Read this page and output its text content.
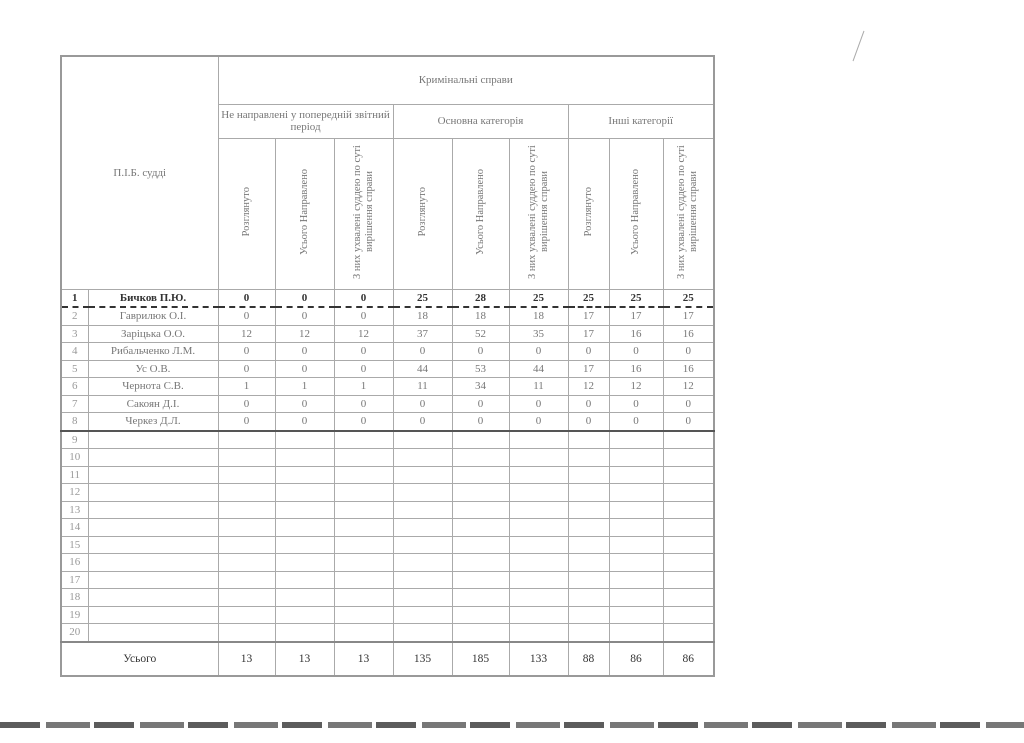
П.І.Б. судді		Кримінальні справи								
		Не направлені у попередній звітний період			Основна категорія			Інші категорії		
		Розглянуто	Усього Направлено	З них ухвалені суддею по суті вирішення справи	Розглянуто	Усього Направлено	З них ухвалені суддею по суті вирішення справи	Розглянуто	Усього Направлено	З них ухвалені суддею по суті вирішення справи
1	Бичков П.Ю.	0	0	0	25	28	25	25	25	25
2	Гаврилюк О.І.	0	0	0	18	18	18	17	17	17
3	Заріцька О.О.	12	12	12	37	52	35	17	16	16
4	Рибальченко Л.М.	0	0	0	0	0	0	0	0	0
5	Ус О.В.	0	0	0	44	53	44	17	16	16
6	Чернота С.В.	1	1	1	11	34	11	12	12	12
7	Сакоян Д.І.	0	0	0	0	0	0	0	0	0
8	Черкез Д.Л.	0	0	0	0	0	0	0	0	0
9										
10										
11										
12										
13										
14										
15										
16										
17										
18										
19										
20										
Усього		13	13	13	135	185	133	88	86	86
